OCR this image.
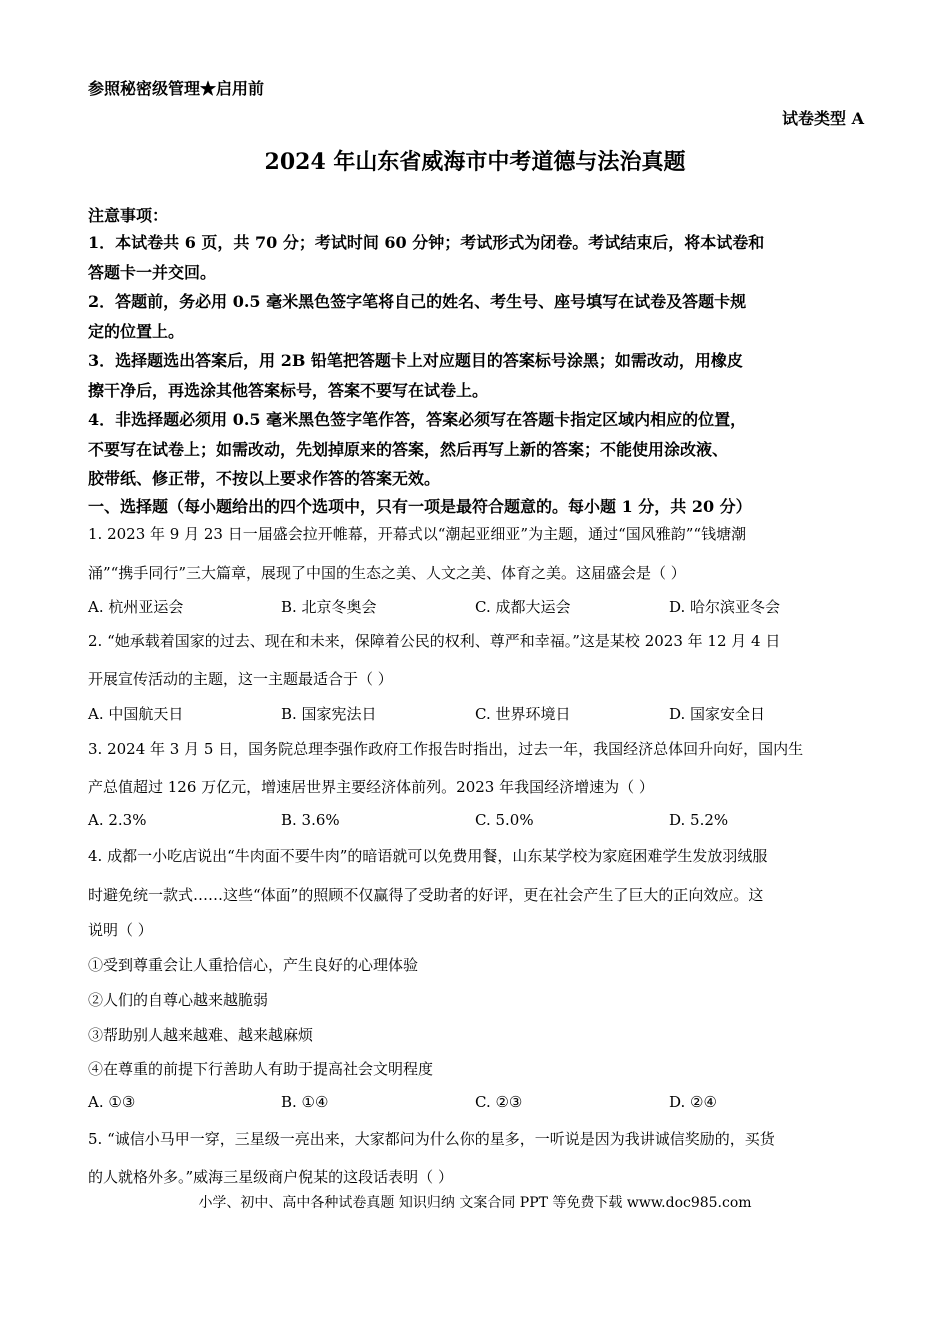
参照秘密级管理★启用前
试卷类型 A
2024 年山东省威海市中考道德与法治真题
注意事项：
1．本试卷共 6 页，共 70 分；考试时间 60 分钟；考试形式为闭卷。考试结束后，将本试卷和
答题卡一并交回。
2．答题前，务必用 0.5 毫米黑色签字笔将自己的姓名、考生号、座号填写在试卷及答题卡规
定的位置上。
3．选择题选出答案后，用 2B 铅笔把答题卡上对应题目的答案标号涂黑；如需改动，用橡皮
擦干净后，再选涂其他答案标号，答案不要写在试卷上。
4．非选择题必须用 0.5 毫米黑色签字笔作答，答案必须写在答题卡指定区域内相应的位置，
不要写在试卷上；如需改动，先划掉原来的答案，然后再写上新的答案；不能使用涂改液、
胶带纸、修正带，不按以上要求作答的答案无效。
一、选择题（每小题给出的四个选项中，只有一项是最符合题意的。每小题 1 分，共 20 分）
1. 2023 年 9 月 23 日一届盛会拉开帷幕，开幕式以“潮起亚细亚”为主题，通过“国风雅韵”“钱塘潮
涌”“携手同行”三大篇章，展现了中国的生态之美、人文之美、体育之美。这届盛会是（ ）
A. 杭州亚运会	B. 北京冬奥会	C. 成都大运会	D. 哈尔滨亚冬会
2. “她承载着国家的过去、现在和未来，保障着公民的权利、尊严和幸福。”这是某校 2023 年 12 月 4 日
开展宣传活动的主题，这一主题最适合于（ ）
A. 中国航天日	B. 国家宪法日	C. 世界环境日	D. 国家安全日
3. 2024 年 3 月 5 日，国务院总理李强作政府工作报告时指出，过去一年，我国经济总体回升向好，国内生
产总值超过 126 万亿元，增速居世界主要经济体前列。2023 年我国经济增速为（ ）
A. 2.3%	B. 3.6%	C. 5.0%	D. 5.2%
4. 成都一小吃店说出“牛肉面不要牛肉”的暗语就可以免费用餐，山东某学校为家庭困难学生发放羽绒服
时避免统一款式……这些“体面”的照顾不仅赢得了受助者的好评，更在社会产生了巨大的正向效应。这
说明（ ）
①受到尊重会让人重拾信心，产生良好的心理体验
②人们的自尊心越来越脆弱
③帮助别人越来越难、越来越麻烦
④在尊重的前提下行善助人有助于提高社会文明程度
A. ①③	B. ①④	C. ②③	D. ②④
5. “诚信小马甲一穿，三星级一亮出来，大家都问为什么你的星多，一听说是因为我讲诚信奖励的，买货
的人就格外多。”威海三星级商户倪某的这段话表明（ ）
小学、初中、高中各种试卷真题 知识归纳 文案合同 PPT 等免费下载 www.doc985.com
